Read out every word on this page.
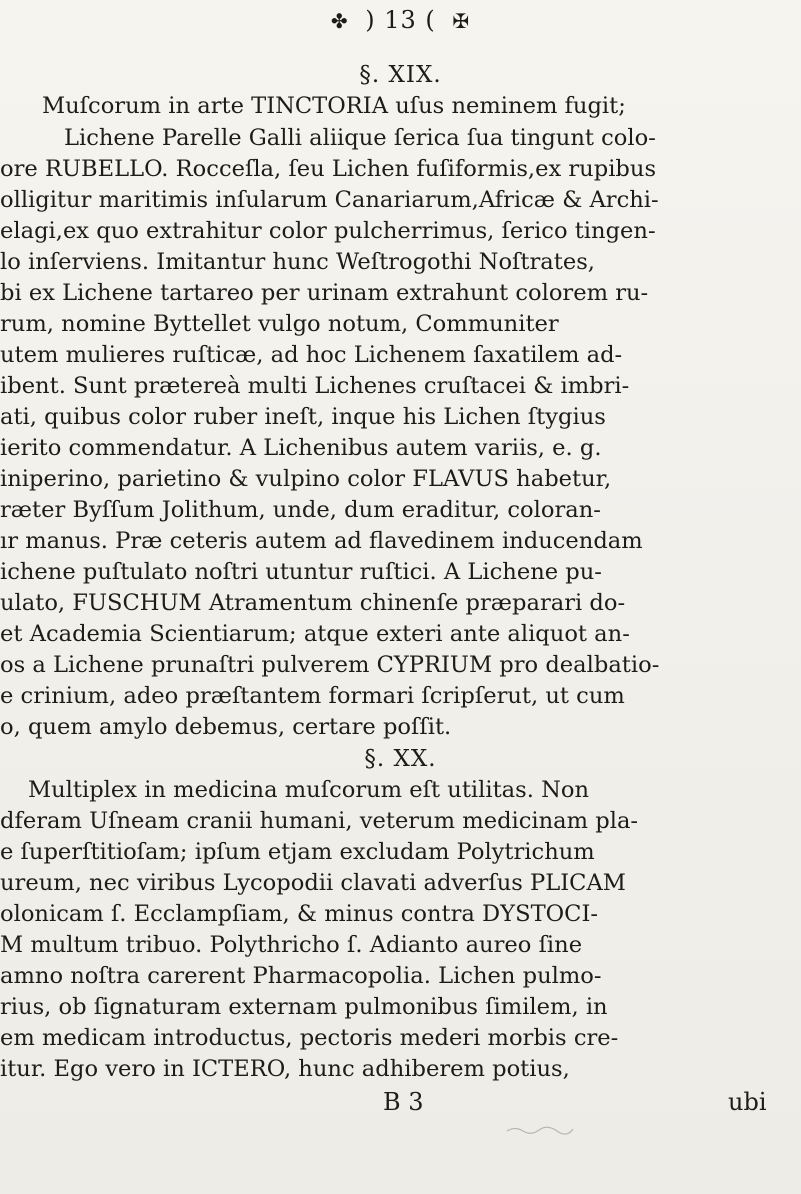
✤ ) 13 ( ✠
§. XIX.
Muſcorum in arte TINCTORIA uſus neminem fugit;
Lichene Parelle Galli aliique ſerica ſua tingunt colo-
ore RUBELLO. Rocceſla, ſeu Lichen fuſiformis,ex rupibus
olligitur maritimis inſularum Canariarum,Africæ & Archi-
elagi,ex quo extrahitur color pulcherrimus, ſerico tingen-
lo inſerviens. Imitantur hunc Weſtrogothi Noſtrates,
bi ex Lichene tartareo per urinam extrahunt colorem ru-
rum, nomine Byttellet vulgo notum, Communiter
utem mulieres ruſticæ, ad hoc Lichenem ſaxatilem ad-
ibent. Sunt prætereà multi Lichenes cruſtacei & imbri-
ati, quibus color ruber ineſt, inque his Lichen ſtygius
ierito commendatur. A Lichenibus autem variis, e. g.
iniperino, parietino & vulpino color FLAVUS habetur,
ræter Byſſum Jolithum, unde, dum eraditur, coloran-
ır manus. Præ ceteris autem ad flavedinem inducendam
ichene puſtulato noſtri utuntur ruſtici. A Lichene pu-
ulato, FUSCHUM Atramentum chinenſe præparari do-
et Academia Scientiarum; atque exteri ante aliquot an-
os a Lichene prunaſtri pulverem CYPRIUM pro dealbatio-
e crinium, adeo præſtantem formari ſcripſerut, ut cum
o, quem amylo debemus, certare poſſit.
§. XX.
Multiplex in medicina muſcorum eſt utilitas. Non
dferam Uſneam cranii humani, veterum medicinam pla-
e ſuperſtitioſam; ipſum etjam excludam Polytrichum
ureum, nec viribus Lycopodii clavati adverſus PLICAM
olonicam ſ. Ecclampſiam, & minus contra DYSTOCI-
M multum tribuo. Polythricho ſ. Adianto aureo ſine
amno noſtra carerent Pharmacopolia. Lichen pulmo-
rius, ob ſignaturam externam pulmonibus ſimilem, in
em medicam introductus, pectoris mederi morbis cre-
itur. Ego vero in ICTERO, hunc adhiberem potius,
B 3	ubi
